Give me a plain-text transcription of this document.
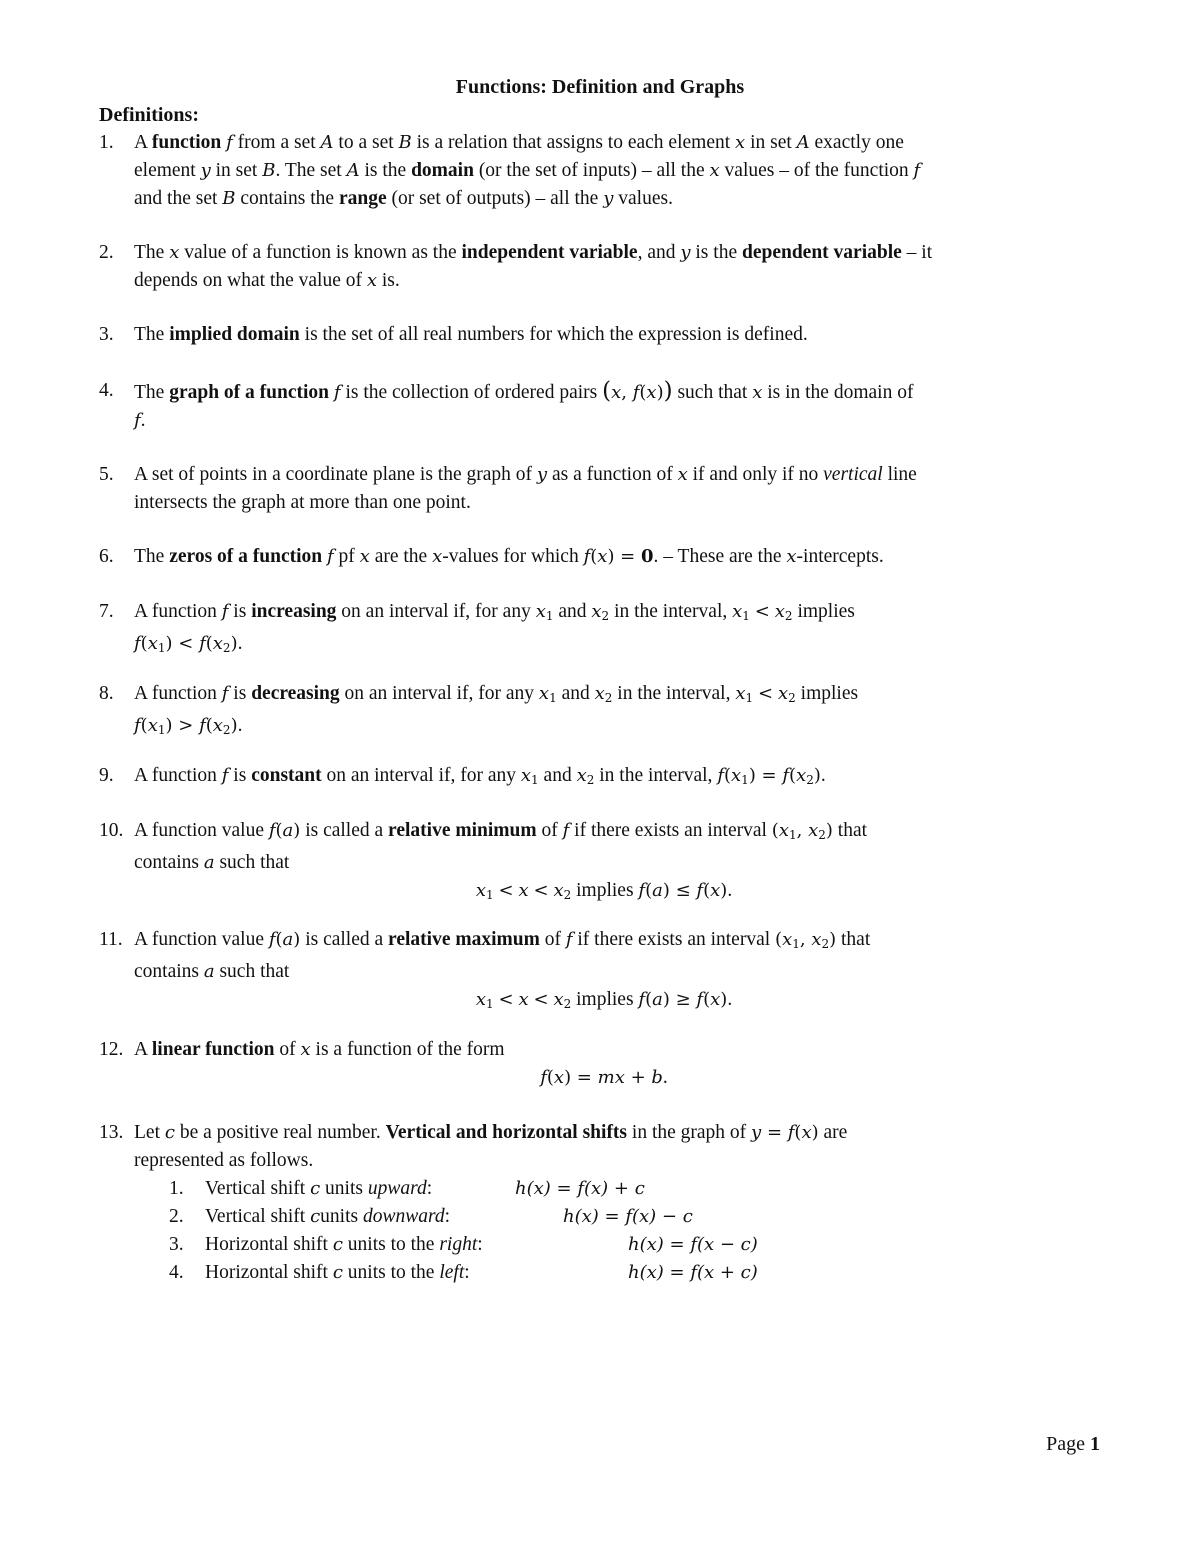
Functions: Definition and Graphs
Definitions:
1. A function f from a set A to a set B is a relation that assigns to each element x in set A exactly one
element y in set B. The set A is the domain (or the set of inputs) – all the x values – of the function f
and the set B contains the range (or set of outputs) – all the y values.
2. The x value of a function is known as the independent variable, and y is the dependent variable – it
depends on what the value of x is.
3. The implied domain is the set of all real numbers for which the expression is defined.
4. The graph of a function f is the collection of ordered pairs (x, f(x)) such that x is in the domain of
f.
5. A set of points in a coordinate plane is the graph of y as a function of x if and only if no vertical line
intersects the graph at more than one point.
6. The zeros of a function f pf x are the x-values for which f(x) = 0. – These are the x-intercepts.
7. A function f is increasing on an interval if, for any $x_1$ and $x_2$ in the interval, $x_1 < x_2$ implies
$f(x_1) < f(x_2)$.
8. A function f is decreasing on an interval if, for any $x_1$ and $x_2$ in the interval, $x_1 < x_2$ implies
$f(x_1) > f(x_2)$.
9. A function f is constant on an interval if, for any $x_1$ and $x_2$ in the interval, $f(x_1) = f(x_2)$.
10. A function value f(a) is called a relative minimum of f if there exists an interval ($x_1$, $x_2$) that
contains a such that
$x_1 < x < x_2$ implies f(a) ≤ f(x).
11. A function value f(a) is called a relative maximum of f if there exists an interval ($x_1$, $x_2$) that
contains a such that
$x_1 < x < x_2$ implies f(a) ≥ f(x).
12. A linear function of x is a function of the form
f(x) = mx + b.
13. Let c be a positive real number. Vertical and horizontal shifts in the graph of y = f(x) are
represented as follows.
1. Vertical shift c units upward:	h(x) = f(x) + c
2. Vertical shift cunits downward:	h(x) = f(x) − c
3. Horizontal shift c units to the right:	h(x) = f(x − c)
4. Horizontal shift c units to the left:	h(x) = f(x + c)
Page 1
